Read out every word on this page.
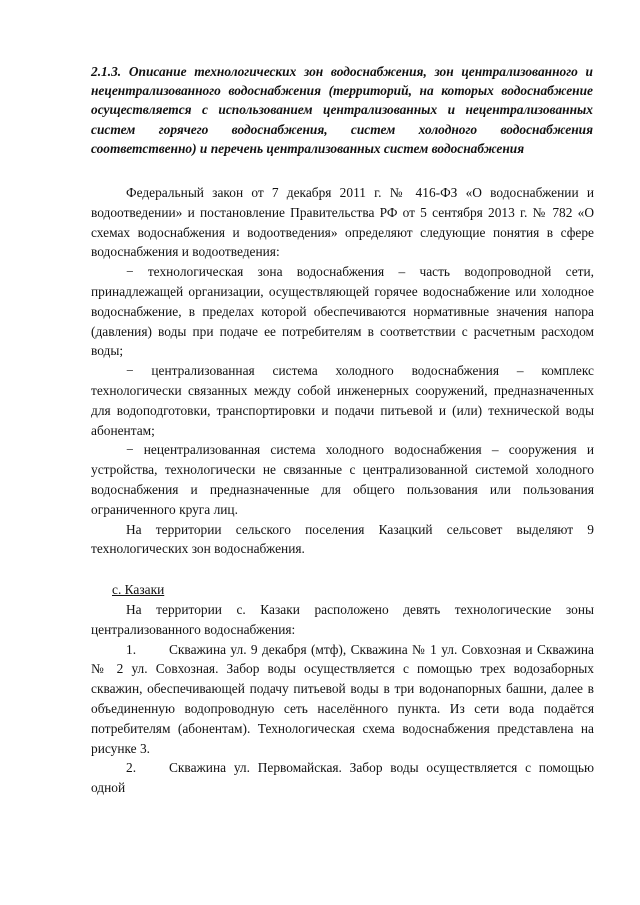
2.1.3. Описание технологических зон водоснабжения, зон централизованного и нецентрализованного водоснабжения (территорий, на которых водоснабжение осуществляется с использованием централизованных и нецентрализованных систем горячего водоснабжения, систем холодного водоснабжения соответственно) и перечень централизованных систем водоснабжения

Федеральный закон от 7 декабря 2011 г. № 416-ФЗ «О водоснабжении и водоотведении» и постановление Правительства РФ от 5 сентября 2013 г. № 782 «О схемах водоснабжения и водоотведения» определяют следующие понятия в сфере водоснабжения и водоотведения:

− технологическая зона водоснабжения – часть водопроводной сети, принадлежащей организации, осуществляющей горячее водоснабжение или холодное водоснабжение, в пределах которой обеспечиваются нормативные значения напора (давления) воды при подаче ее потребителям в соответствии с расчетным расходом воды;

− централизованная система холодного водоснабжения – комплекс технологически связанных между собой инженерных сооружений, предназначенных для водоподготовки, транспортировки и подачи питьевой и (или) технической воды абонентам;

− нецентрализованная система холодного водоснабжения – сооружения и устройства, технологически не связанные с централизованной системой холодного водоснабжения и предназначенные для общего пользования или пользования ограниченного круга лиц.

На территории сельского поселения Казацкий сельсовет выделяют 9 технологических зон водоснабжения.

с. Казаки

На территории с. Казаки расположено девять технологические зоны централизованного водоснабжения:

1. Скважина ул. 9 декабря (мтф), Скважина № 1 ул. Совхозная и Скважина № 2 ул. Совхозная. Забор воды осуществляется с помощью трех водозаборных скважин, обеспечивающей подачу питьевой воды в три водонапорных башни, далее в объединенную водопроводную сеть населённого пункта. Из сети вода подаётся потребителям (абонентам). Технологическая схема водоснабжения представлена на рисунке 3.

2. Скважина ул. Первомайская. Забор воды осуществляется с помощью одной
